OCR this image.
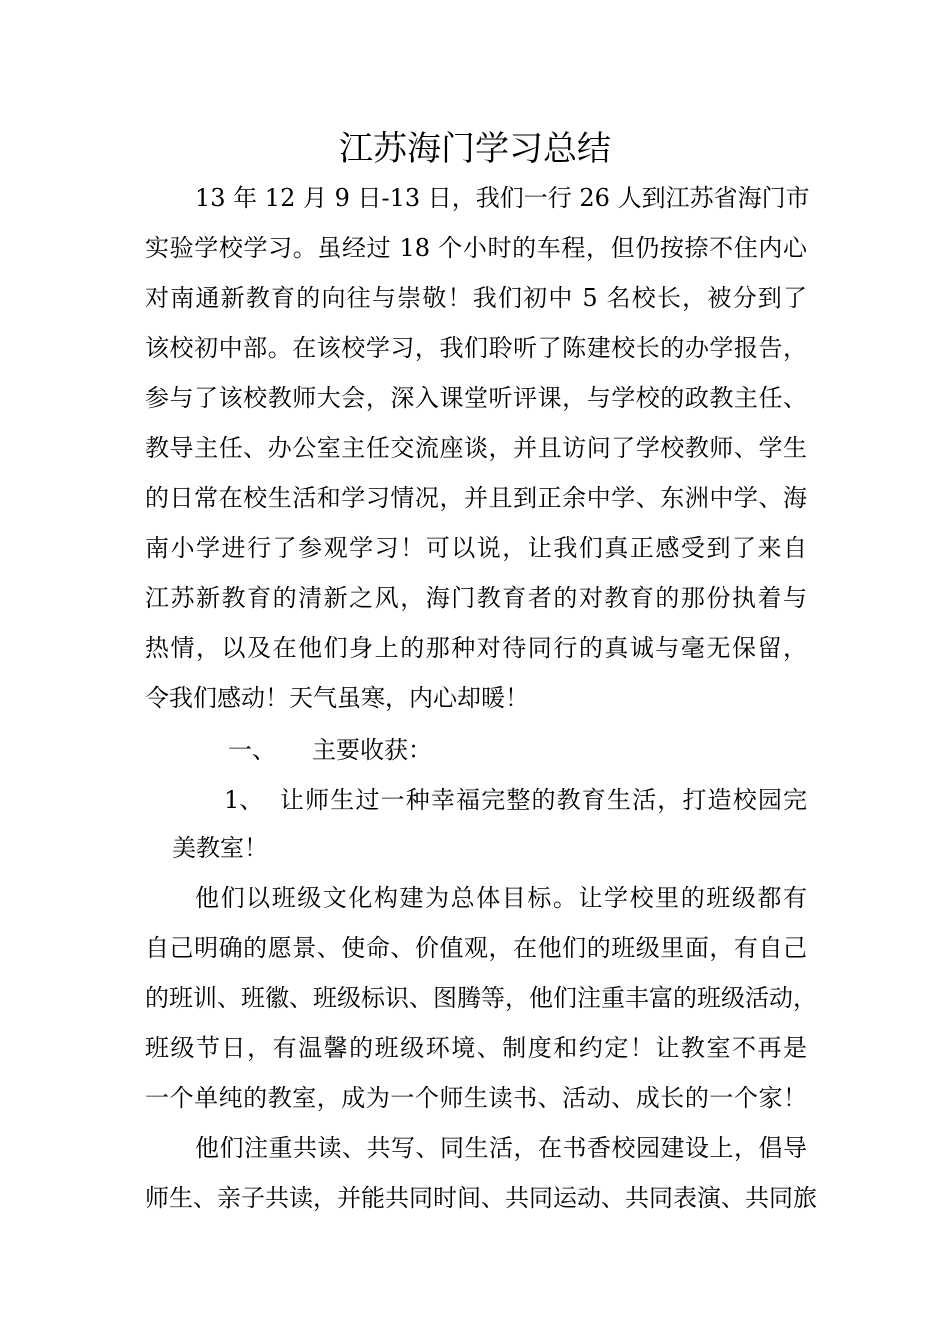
江苏海门学习总结
13 年 12 月 9 日-13 日，我们一行 26 人到江苏省海门市
实验学校学习。虽经过 18 个小时的车程，但仍按捺不住内心
对南通新教育的向往与崇敬！我们初中 5 名校长，被分到了
该校初中部。在该校学习，我们聆听了陈建校长的办学报告，
参与了该校教师大会，深入课堂听评课，与学校的政教主任、
教导主任、办公室主任交流座谈，并且访问了学校教师、学生
的日常在校生活和学习情况，并且到正余中学、东洲中学、海
南小学进行了参观学习！可以说，让我们真正感受到了来自
江苏新教育的清新之风，海门教育者的对教育的那份执着与
热情，以及在他们身上的那种对待同行的真诚与毫无保留，
令我们感动！天气虽寒，内心却暖！
一、 主要收获：
1、 让师生过一种幸福完整的教育生活，打造校园完
美教室！
他们以班级文化构建为总体目标。让学校里的班级都有
自己明确的愿景、使命、价值观，在他们的班级里面，有自己
的班训、班徽、班级标识、图腾等，他们注重丰富的班级活动，
班级节日，有温馨的班级环境、制度和约定！让教室不再是
一个单纯的教室，成为一个师生读书、活动、成长的一个家！
他们注重共读、共写、同生活，在书香校园建设上，倡导
师生、亲子共读，并能共同时间、共同运动、共同表演、共同旅
